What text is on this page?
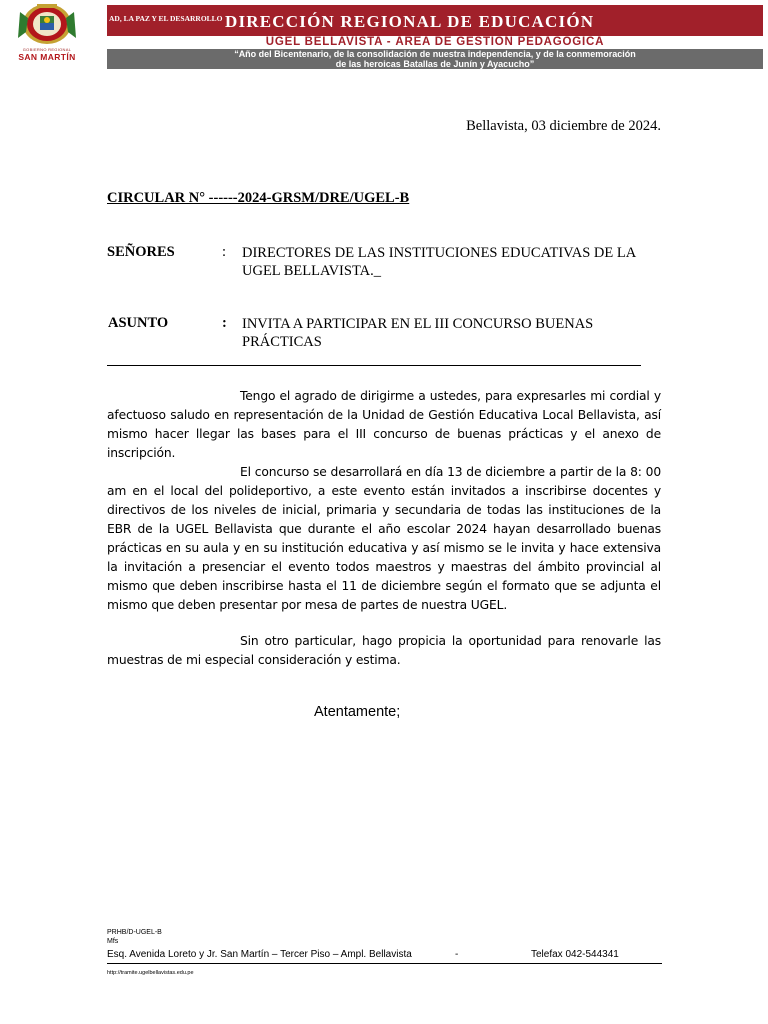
GOBIERNO REGIONAL
SAN MARTÍN
AD, LA PAZ Y EL DESARROLLO DIRECCIÓN REGIONAL DE EDUCACIÓN
UGEL BELLAVISTA - ÁREA DE GESTIÓN PEDAGÓGICA
“Año del Bicentenario, de la consolidación de nuestra independencia, y de la conmemoración
de las heroicas Batallas de Junín y Ayacucho”
Bellavista, 03 diciembre de 2024.
CIRCULAR N° ------2024-GRSM/DRE/UGEL-B
SEÑORES	: DIRECTORES DE LAS INSTITUCIONES EDUCATIVAS DE LA UGEL BELLAVISTA._
ASUNTO	: INVITA A PARTICIPAR EN EL III CONCURSO BUENAS PRÁCTICAS
Tengo el agrado de dirigirme a ustedes, para expresarles mi cordial y afectuoso saludo en representación de la Unidad de Gestión Educativa Local Bellavista, así mismo hacer llegar las bases para el III concurso de buenas prácticas y el anexo de inscripción.
El concurso se desarrollará en día 13 de diciembre a partir de la 8: 00 am en el local del polideportivo, a este evento están invitados a inscribirse docentes y directivos de los niveles de inicial, primaria y secundaria de todas las instituciones de la EBR de la UGEL Bellavista que durante el año escolar 2024 hayan desarrollado buenas prácticas en su aula y en su institución educativa y así mismo se le invita y hace extensiva la invitación a presenciar el evento todos maestros y maestras del ámbito provincial al mismo que deben inscribirse hasta el 11 de diciembre según el formato que se adjunta el mismo que deben presentar por mesa de partes de nuestra UGEL.
Sin otro particular, hago propicia la oportunidad para renovarle las muestras de mi especial consideración y estima.
Atentamente;
PRHB/D-UGEL-B
Mfs
Esq. Avenida Loreto y Jr. San Martín – Tercer Piso – Ampl. Bellavista	-	Telefax 042-544341
http://tramite.ugelbellavistas.edu.pe
